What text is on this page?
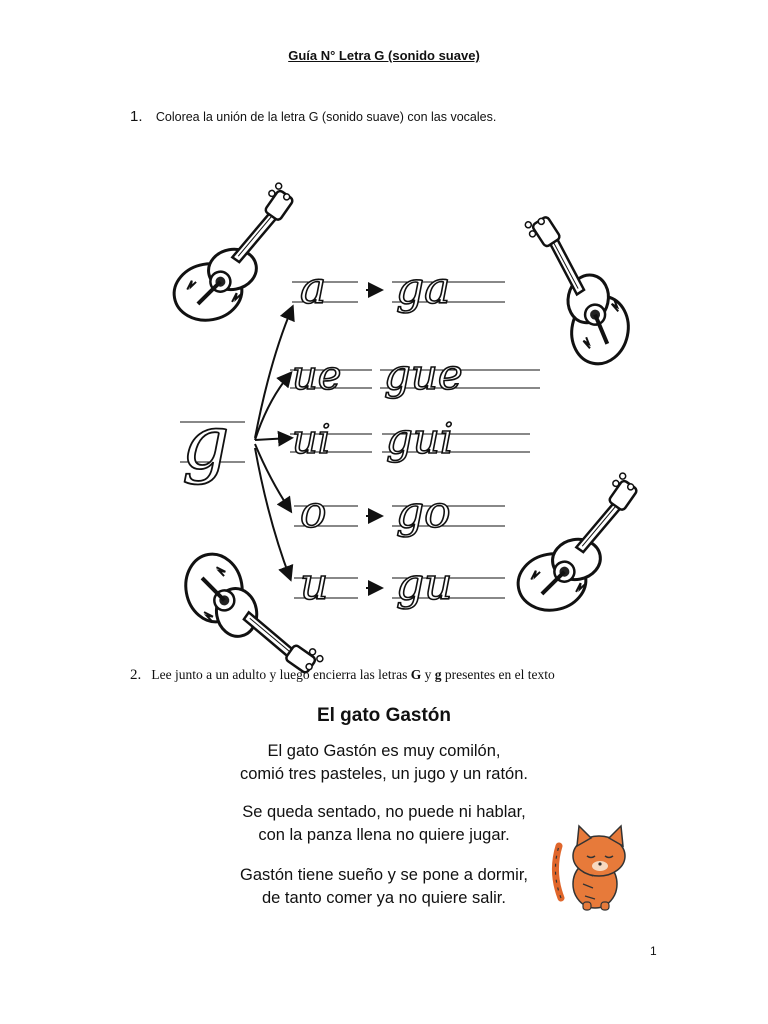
Guía N° Letra G (sonido suave)
1. Colorea la unión de la letra G (sonido suave) con las vocales.
g
a ga
ue gue
ui gui
o go
u gu
2. Lee junto a un adulto y luego encierra las letras G y g presentes en el texto
El gato Gastón
El gato Gastón es muy comilón,
comió tres pasteles, un jugo y un ratón.
Se queda sentado, no puede ni hablar,
con la panza llena no quiere jugar.
Gastón tiene sueño y se pone a dormir,
de tanto comer ya no quiere salir.
1
